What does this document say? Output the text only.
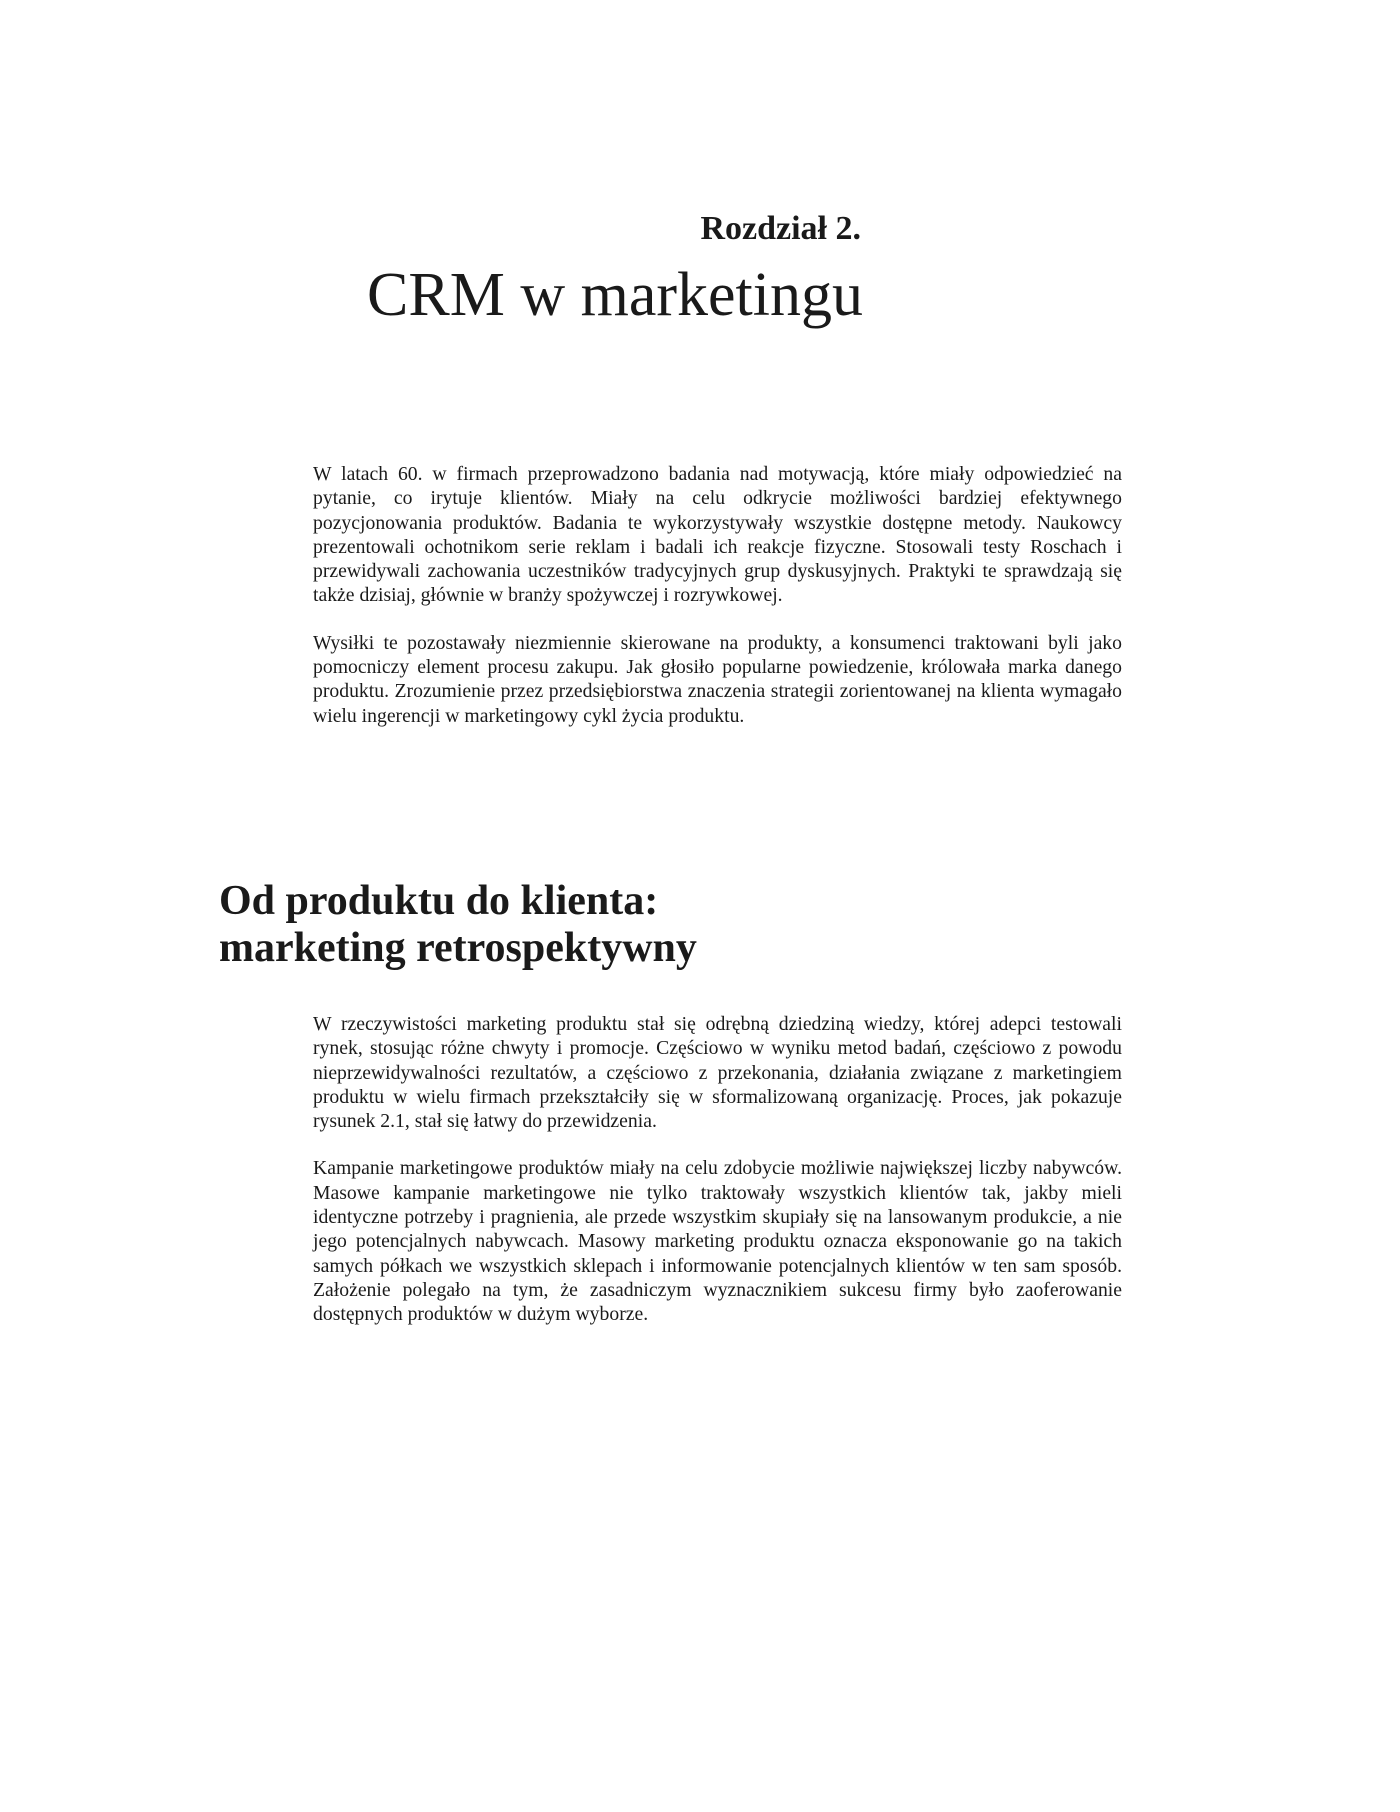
Rozdział 2.
CRM w marketingu

W latach 60. w firmach przeprowadzono badania nad motywacją, które miały odpowiedzieć na pytanie, co irytuje klientów. Miały na celu odkrycie możliwości bardziej efektywnego pozycjonowania produktów. Badania te wykorzystywały wszystkie dostępne metody. Naukowcy prezentowali ochotnikom serie reklam i badali ich reakcje fizyczne. Stosowali testy Roschach i przewidywali zachowania uczestników tradycyjnych grup dyskusyjnych. Praktyki te sprawdzają się także dzisiaj, głównie w branży spożywczej i rozrywkowej.

Wysiłki te pozostawały niezmiennie skierowane na produkty, a konsumenci traktowani byli jako pomocniczy element procesu zakupu. Jak głosiło popularne powiedzenie, królowała marka danego produktu. Zrozumienie przez przedsiębiorstwa znaczenia strategii zorientowanej na klienta wymagało wielu ingerencji w marketingowy cykl życia produktu.

Od produktu do klienta:
marketing retrospektywny

W rzeczywistości marketing produktu stał się odrębną dziedziną wiedzy, której adepci testowali rynek, stosując różne chwyty i promocje. Częściowo w wyniku metod badań, częściowo z powodu nieprzewidywalności rezultatów, a częściowo z przekonania, działania związane z marketingiem produktu w wielu firmach przekształciły się w sformalizowaną organizację. Proces, jak pokazuje rysunek 2.1, stał się łatwy do przewidzenia.

Kampanie marketingowe produktów miały na celu zdobycie możliwie największej liczby nabywców. Masowe kampanie marketingowe nie tylko traktowały wszystkich klientów tak, jakby mieli identyczne potrzeby i pragnienia, ale przede wszystkim skupiały się na lansowanym produkcie, a nie jego potencjalnych nabywcach. Masowy marketing produktu oznacza eksponowanie go na takich samych półkach we wszystkich sklepach i informowanie potencjalnych klientów w ten sam sposób. Założenie polegało na tym, że zasadniczym wyznacznikiem sukcesu firmy było zaoferowanie dostępnych produktów w dużym wyborze.
